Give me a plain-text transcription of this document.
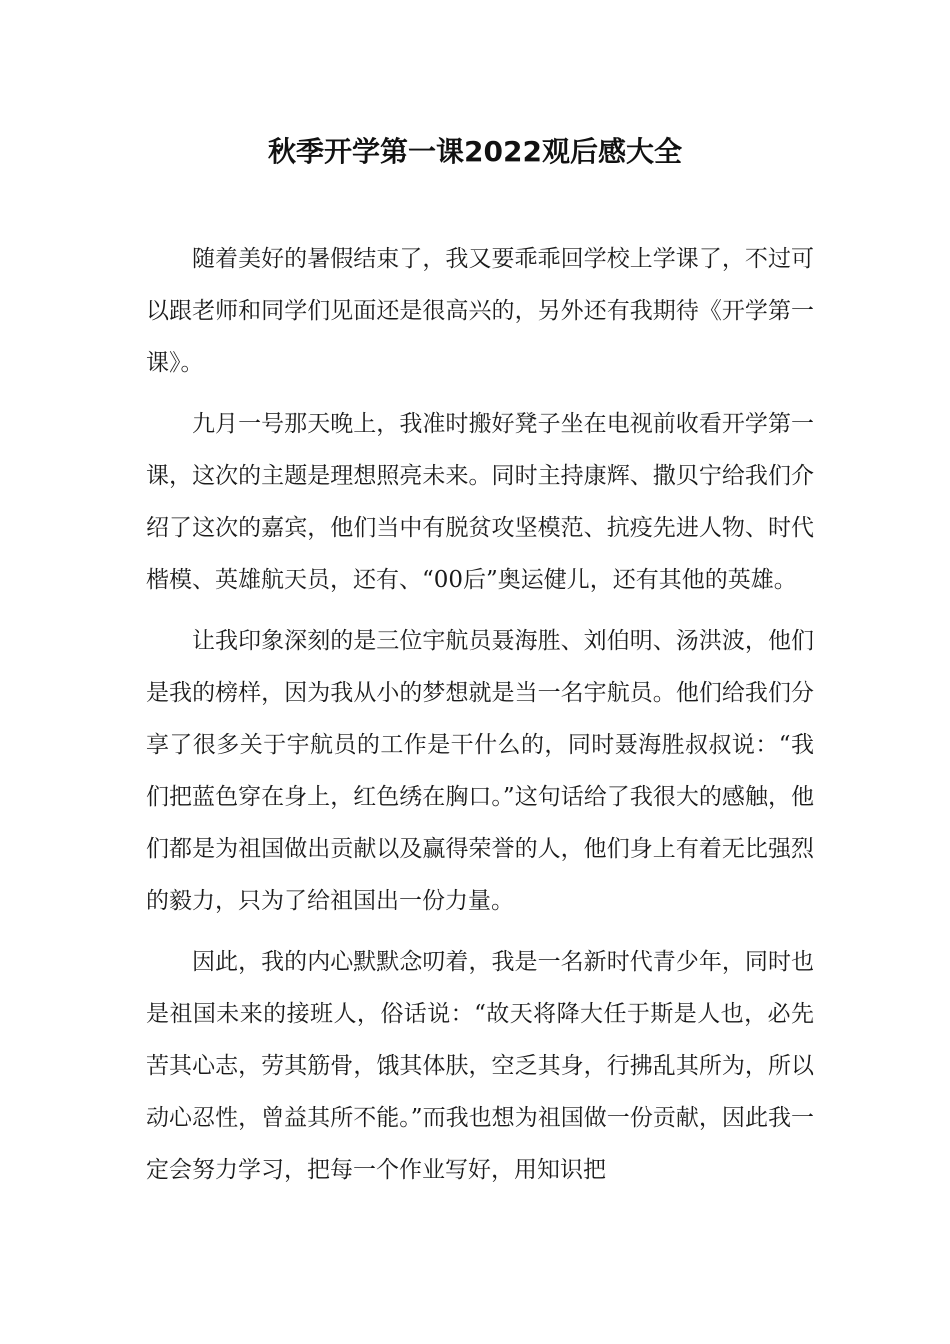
秋季开学第一课2022观后感大全

随着美好的暑假结束了，我又要乖乖回学校上学课了，不过可以跟老师和同学们见面还是很高兴的，另外还有我期待《开学第一课》。

九月一号那天晚上，我准时搬好凳子坐在电视前收看开学第一课，这次的主题是理想照亮未来。同时主持康辉、撒贝宁给我们介绍了这次的嘉宾，他们当中有脱贫攻坚模范、抗疫先进人物、时代楷模、英雄航天员，还有、“00后”奥运健儿，还有其他的英雄。

让我印象深刻的是三位宇航员聂海胜、刘伯明、汤洪波，他们是我的榜样，因为我从小的梦想就是当一名宇航员。他们给我们分享了很多关于宇航员的工作是干什么的，同时聂海胜叔叔说：“我们把蓝色穿在身上，红色绣在胸口。”这句话给了我很大的感触，他们都是为祖国做出贡献以及赢得荣誉的人，他们身上有着无比强烈的毅力，只为了给祖国出一份力量。

因此，我的内心默默念叨着，我是一名新时代青少年，同时也是祖国未来的接班人，俗话说：“故天将降大任于斯是人也，必先苦其心志，劳其筋骨，饿其体肤，空乏其身，行拂乱其所为，所以动心忍性，曾益其所不能。”而我也想为祖国做一份贡献，因此我一定会努力学习，把每一个作业写好，用知识把
